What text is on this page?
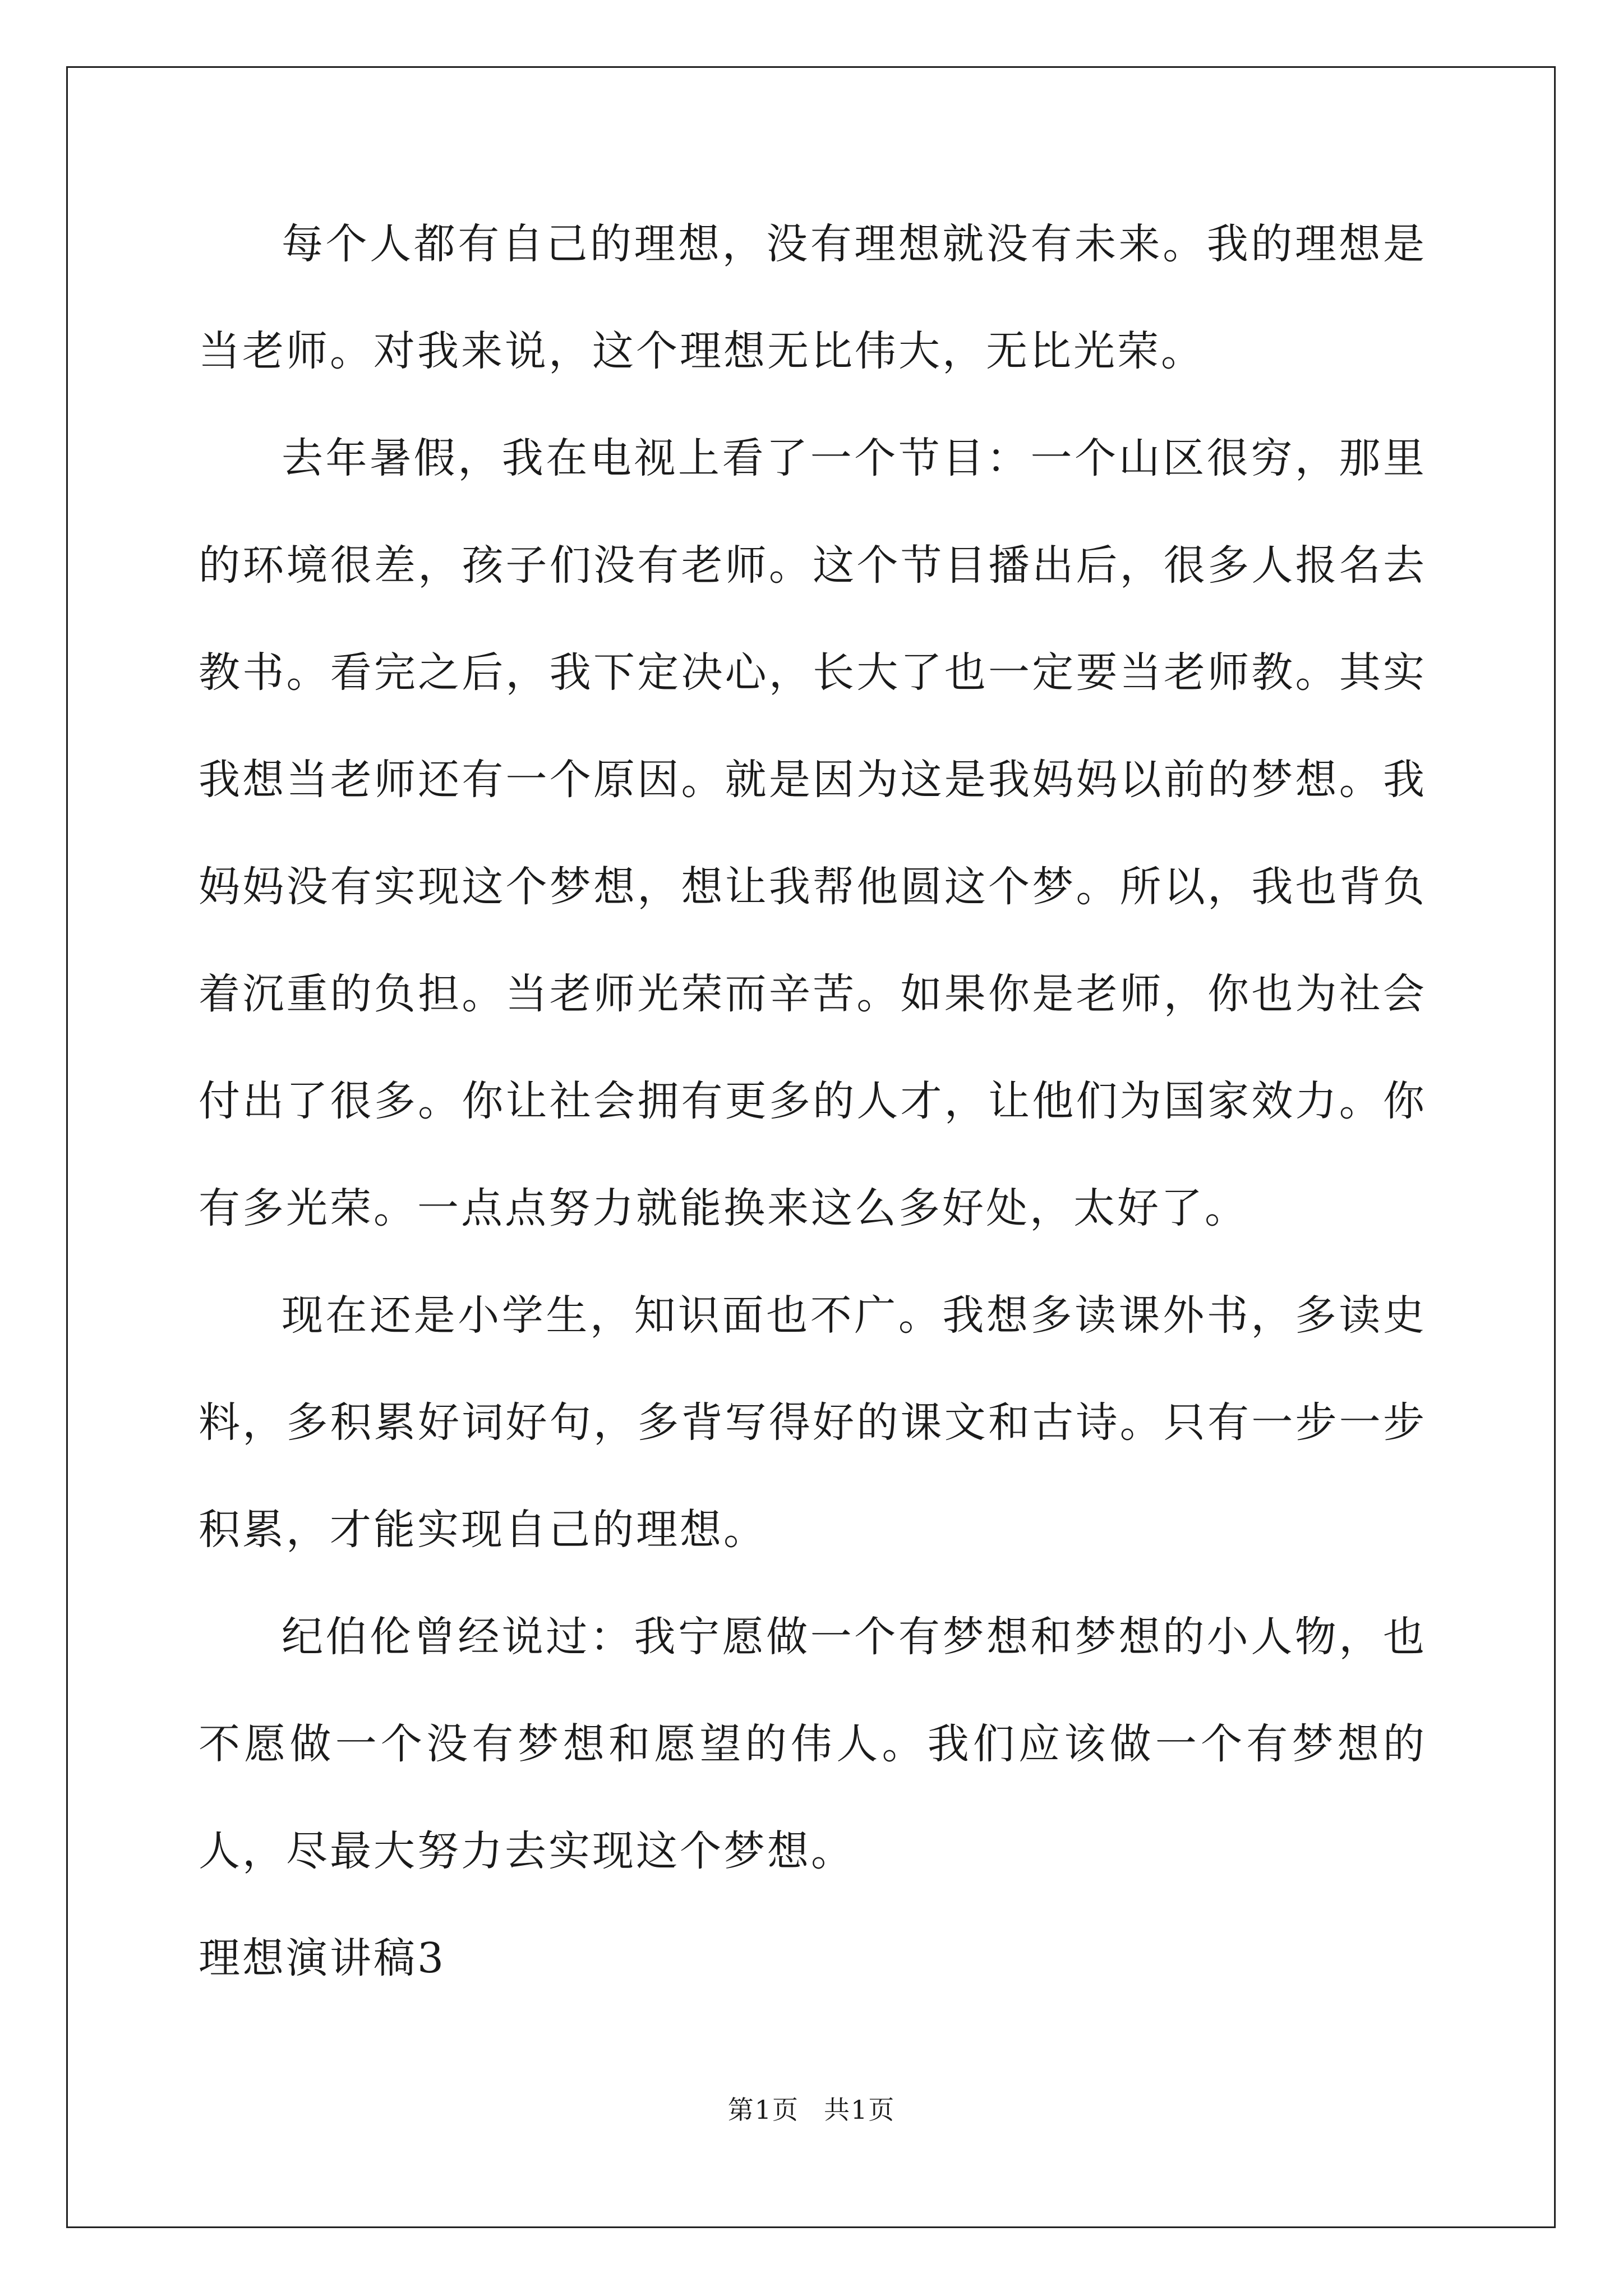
每个人都有自己的理想，没有理想就没有未来。我的理想是当老师。对我来说，这个理想无比伟大，无比光荣。

去年暑假，我在电视上看了一个节目：一个山区很穷，那里的环境很差，孩子们没有老师。这个节目播出后，很多人报名去教书。看完之后，我下定决心，长大了也一定要当老师教。其实我想当老师还有一个原因。就是因为这是我妈妈以前的梦想。我妈妈没有实现这个梦想，想让我帮他圆这个梦。所以，我也背负着沉重的负担。当老师光荣而辛苦。如果你是老师，你也为社会付出了很多。你让社会拥有更多的人才，让他们为国家效力。你有多光荣。一点点努力就能换来这么多好处，太好了。

现在还是小学生，知识面也不广。我想多读课外书，多读史料，多积累好词好句，多背写得好的课文和古诗。只有一步一步积累，才能实现自己的理想。

纪伯伦曾经说过：我宁愿做一个有梦想和梦想的小人物，也不愿做一个没有梦想和愿望的伟人。我们应该做一个有梦想的人，尽最大努力去实现这个梦想。

理想演讲稿3

第1页 共1页
